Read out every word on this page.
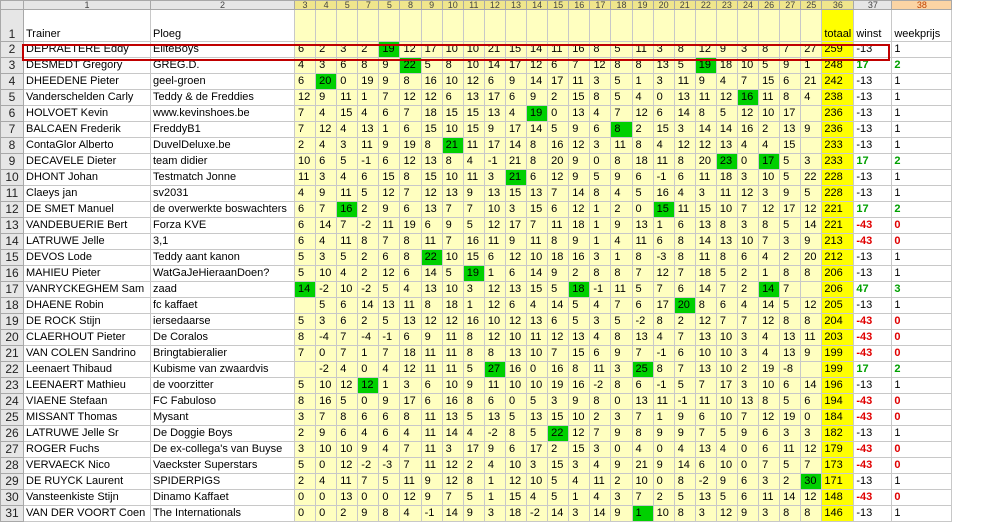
	1	2	3	4	5	7	5	8	9	10	11	12	13	14	15	16	17	18	19	20	21	22	23	24	26	27	25	36	37	38
1	Trainer	Ploeg																										totaal	winst	weekprijs
2	DEPRAETERE Eddy	EliteBoys	6	2	3	2	19	12	17	10	10	21	15	14	11	16	8	5	11	3	8	12	9	3	8	7	27	259	-13	1
3	DESMEDT Gregory	GREG.D.	4	3	6	8	9	22	5	8	10	14	17	12	6	7	12	8	8	13	5	19	18	10	5	9	1	248	17	2
4	DHEEDENE Pieter	geel-groen	6	20	0	19	9	8	16	10	12	6	9	14	17	11	3	5	1	3	11	9	4	7	15	6	21	242	-13	1
5	Vanderschelden Carly	Teddy & de Freddies	12	9	11	1	7	12	12	6	13	17	6	9	2	15	8	5	4	0	13	11	12	16	11	8	4	238	-13	1
6	HOLVOET Kevin	www.kevinshoes.be	7	4	15	4	6	7	18	15	15	13	4	19	0	13	4	7	12	6	14	8	5	12	10	17		236	-13	1
7	BALCAEN Frederik	FreddyB1	7	12	4	13	1	6	15	10	15	9	17	14	5	9	6	8	2	15	3	14	14	16	2	13	9	236	-13	1
8	ContaGlor Alberto	DuvelDeluxe.be	2	4	3	11	9	19	8	21	11	17	14	8	16	12	3	11	8	4	12	12	13	4	4	15		233	-13	1
9	DECAVELE Dieter	team didier	10	6	5	-1	6	12	13	8	4	-1	21	8	20	9	0	8	18	11	8	20	23	0	17	5	3	233	17	2
10	DHONT Johan	Testmatch Jonne	11	3	4	6	15	8	15	10	11	3	21	6	12	9	5	9	6	-1	6	11	18	3	10	5	22	228	-13	1
11	Claeys jan	sv2031	4	9	11	5	12	7	12	13	9	13	15	13	7	14	8	4	5	16	4	3	11	12	3	9	5	228	-13	1
12	DE SMET Manuel	de overwerkte boswachters	6	7	16	2	9	6	13	7	7	10	3	15	6	12	1	2	0	15	11	15	10	7	12	17	12	221	17	2
13	VANDEBUERIE Bert	Forza KVE	6	14	7	-2	11	19	6	9	5	12	17	7	11	18	1	9	13	1	6	13	8	3	8	5	14	221	-43	0
14	LATRUWE Jelle	3,1	6	4	11	8	7	8	11	7	16	11	9	11	8	9	1	4	11	6	8	14	13	10	7	3	9	213	-43	0
15	DEVOS Lode	Teddy aant kanon	5	3	5	2	6	8	22	10	15	6	12	10	18	16	3	1	8	-3	8	11	8	6	4	2	20	212	-13	1
16	MAHIEU Pieter	WatGaJeHieraanDoen?	5	10	4	2	12	6	14	5	19	1	6	14	9	2	8	8	7	12	7	18	5	2	1	8	8	206	-13	1
17	VANRYCKEGHEM Sam	zaad	14	-2	10	-2	5	4	13	10	3	12	13	15	5	18	-1	11	5	7	6	14	7	2	14	7		206	47	3
18	DHAENE Robin	fc kaffaet		5	6	14	13	11	8	18	1	12	6	4	14	5	4	7	6	17	20	8	6	4	14	5	12	205	-13	1
19	DE ROCK Stijn	iersedaarse	5	3	6	2	5	13	12	12	16	10	12	13	6	5	3	5	-2	8	2	12	7	7	12	8	8	204	-43	0
20	CLAERHOUT Pieter	De Coralos	8	-4	7	-4	-1	6	9	11	8	12	10	11	12	13	4	8	13	4	7	13	10	3	4	13	11	203	-43	0
21	VAN COLEN Sandrino	Bringtabieralier	7	0	7	1	7	18	11	11	8	8	13	10	7	15	6	9	7	-1	6	10	10	3	4	13	9	199	-43	0
22	Leenaert Thibaud	Kubisme van zwaardvis		-2	4	0	4	12	11	11	5	27	16	0	16	8	11	3	25	8	7	13	10	2	19	-8		199	17	2
23	LEENAERT Mathieu	de voorzitter	5	10	12	12	1	3	6	10	9	11	10	10	19	16	-2	8	6	-1	5	7	17	3	10	6	14	196	-13	1
24	VIAENE Stefaan	FC Fabuloso	8	16	5	0	9	17	6	16	8	6	0	5	3	9	8	0	13	11	-1	11	10	13	8	5	6	194	-43	0
25	MISSANT Thomas	Mysant	3	7	8	6	6	8	11	13	5	13	5	13	15	10	2	3	7	1	9	6	10	7	12	19	0	184	-43	0
26	LATRUWE Jelle Sr	De Doggie Boys	2	9	6	4	6	4	11	14	4	-2	8	5	22	12	7	9	8	9	9	7	5	9	6	3	3	182	-13	1
27	ROGER Fuchs	De ex-collega's van Buyse	3	10	10	9	4	7	11	3	17	9	6	17	2	15	3	0	4	0	4	13	4	0	6	11	12	179	-43	0
28	VERVAECK Nico	Vaeckster Superstars	5	0	12	-2	-3	7	11	12	2	4	10	3	15	3	4	9	21	9	14	6	10	0	7	5	7	173	-43	0
29	DE RUYCK Laurent	SPIDERPIGS	2	4	11	7	5	11	9	12	8	1	12	10	5	4	11	2	10	0	8	-2	9	6	3	2	30	171	-13	1
30	Vansteenkiste Stijn	Dinamo Kaffaet	0	0	13	0	0	12	9	7	5	1	15	4	5	1	4	3	7	2	5	13	5	6	11	14	12	148	-43	0
31	VAN DER VOORT Coen	The Internationals	0	0	2	9	8	4	-1	14	9	3	18	-2	14	3	14	9	1	10	8	3	12	9	3	8	8	146	-13	1
